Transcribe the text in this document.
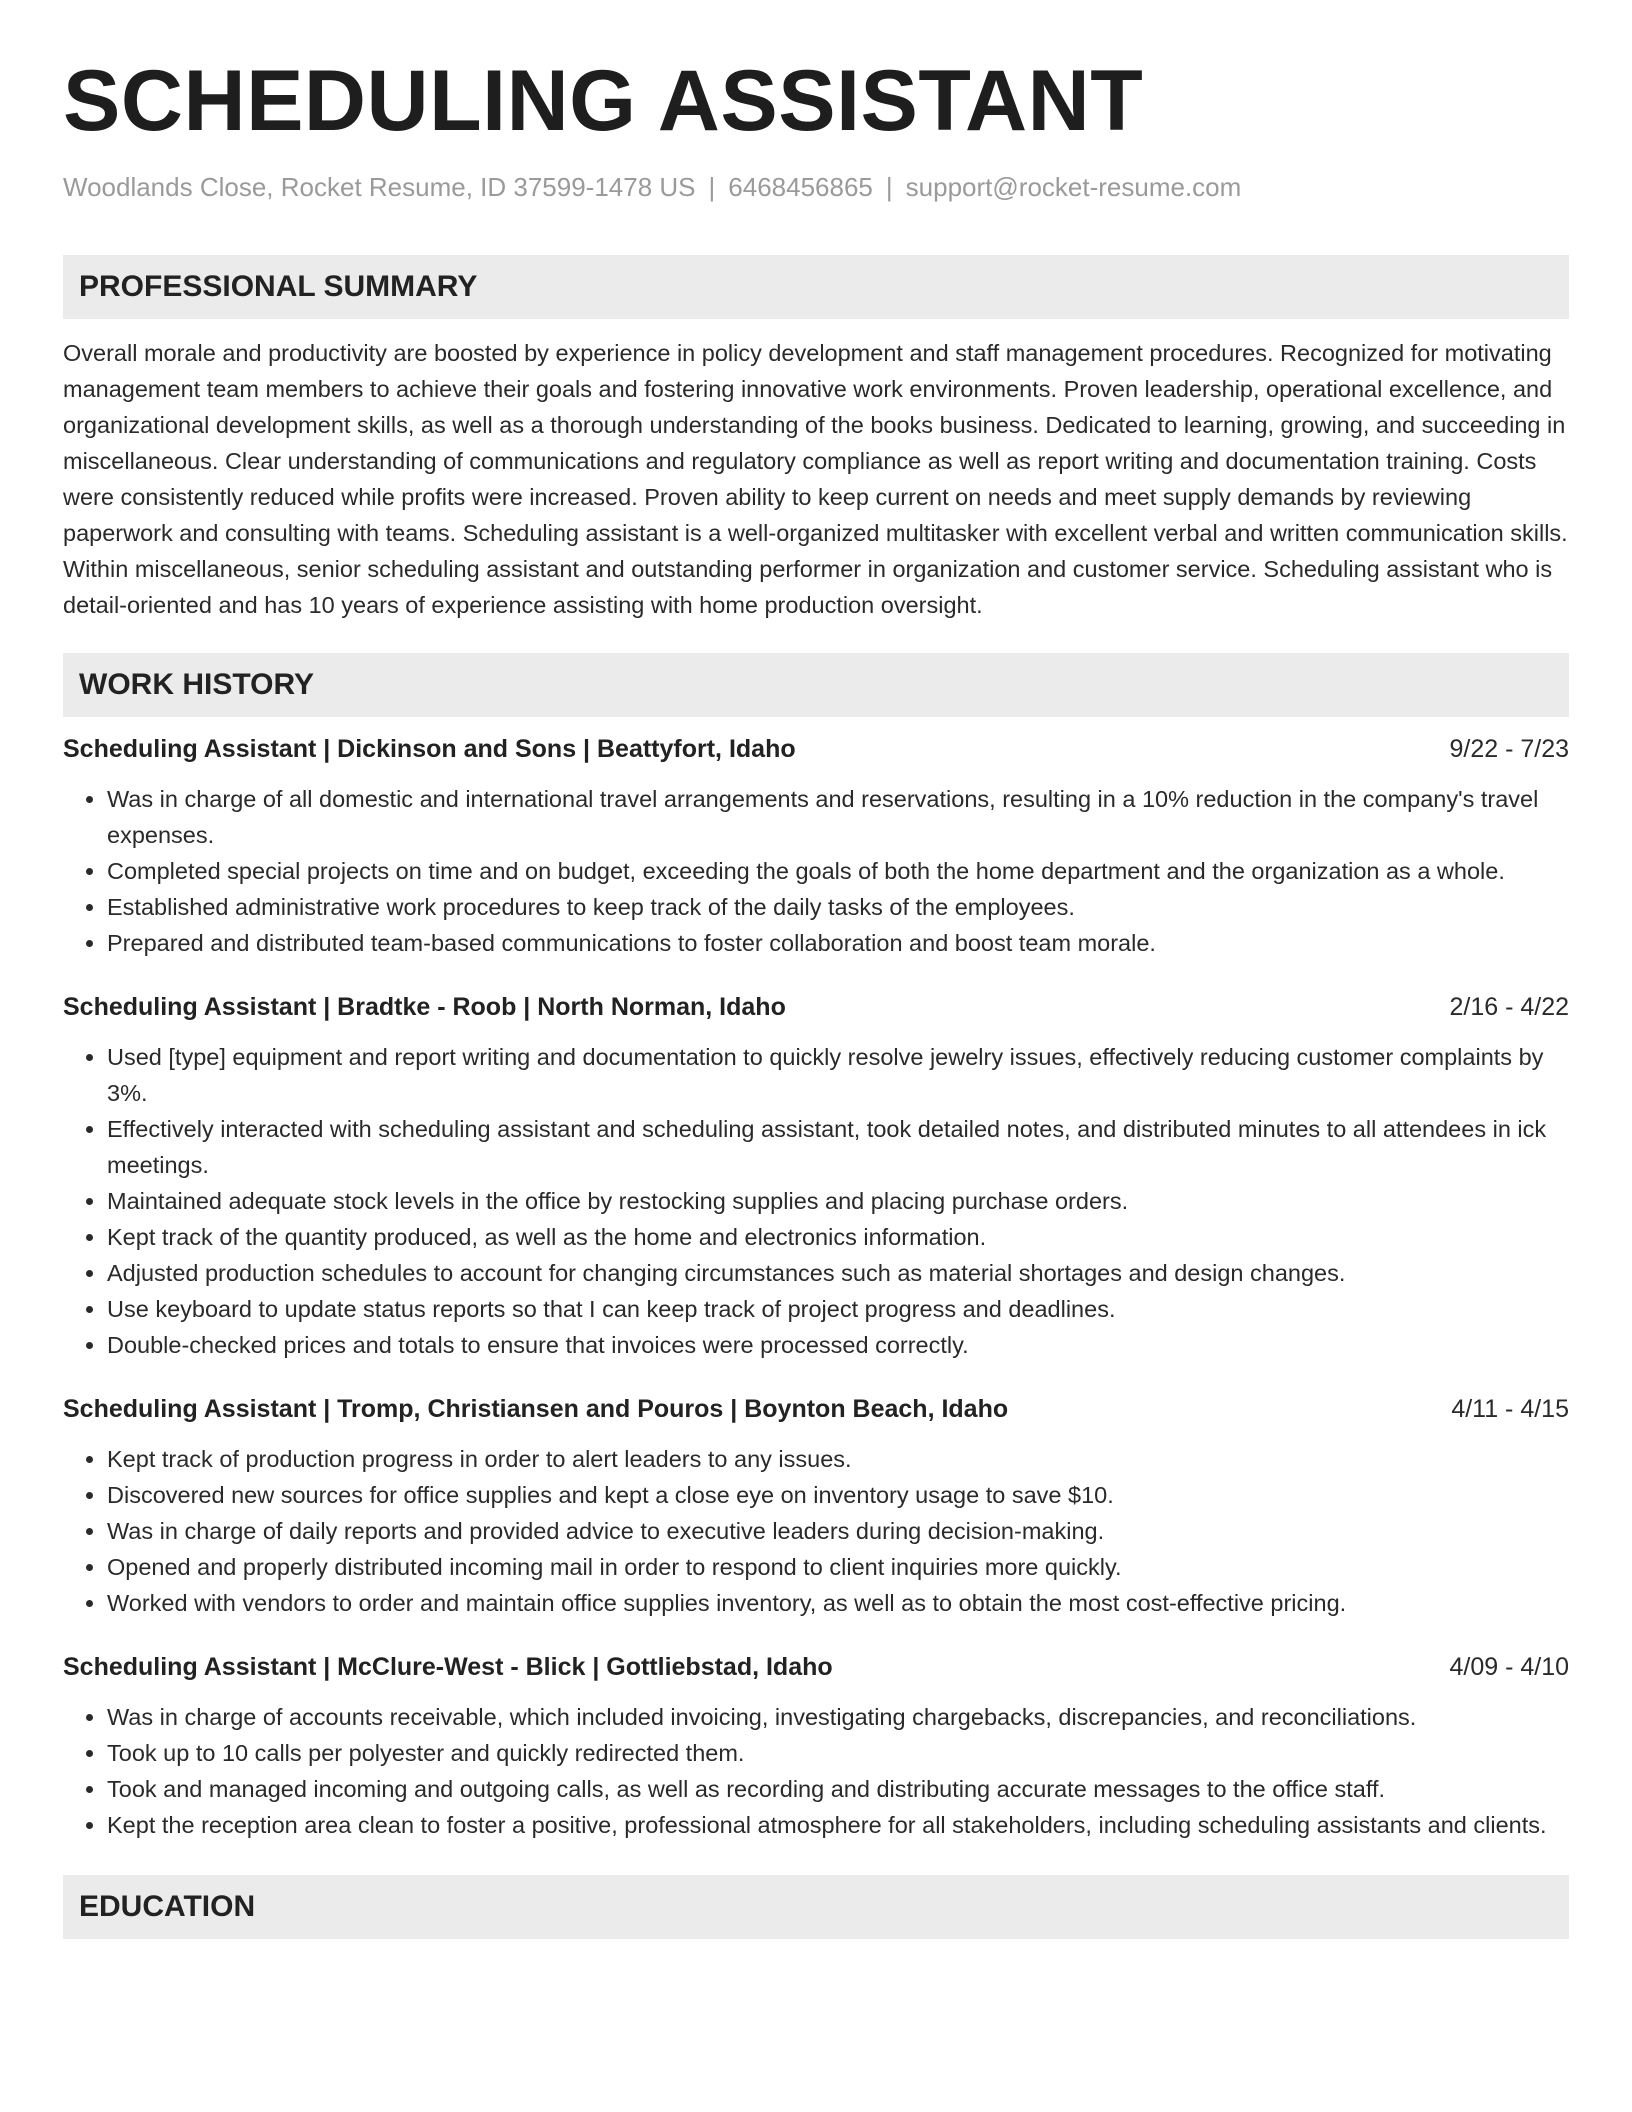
SCHEDULING ASSISTANT
Woodlands Close, Rocket Resume, ID 37599-1478 US | 6468456865 | support@rocket-resume.com
PROFESSIONAL SUMMARY

Overall morale and productivity are boosted by experience in policy development and staff management procedures. Recognized for motivating management team members to achieve their goals and fostering innovative work environments. Proven leadership, operational excellence, and organizational development skills, as well as a thorough understanding of the books business. Dedicated to learning, growing, and succeeding in miscellaneous. Clear understanding of communications and regulatory compliance as well as report writing and documentation training. Costs were consistently reduced while profits were increased. Proven ability to keep current on needs and meet supply demands by reviewing paperwork and consulting with teams. Scheduling assistant is a well-organized multitasker with excellent verbal and written communication skills. Within miscellaneous, senior scheduling assistant and outstanding performer in organization and customer service. Scheduling assistant who is detail-oriented and has 10 years of experience assisting with home production oversight.

WORK HISTORY
Scheduling Assistant | Dickinson and Sons | Beattyfort, Idaho	9/22 - 7/23
• Was in charge of all domestic and international travel arrangements and reservations, resulting in a 10% reduction in the company's travel expenses.
• Completed special projects on time and on budget, exceeding the goals of both the home department and the organization as a whole.
• Established administrative work procedures to keep track of the daily tasks of the employees.
• Prepared and distributed team-based communications to foster collaboration and boost team morale.
Scheduling Assistant | Bradtke - Roob | North Norman, Idaho	2/16 - 4/22
• Used [type] equipment and report writing and documentation to quickly resolve jewelry issues, effectively reducing customer complaints by 3%.
• Effectively interacted with scheduling assistant and scheduling assistant, took detailed notes, and distributed minutes to all attendees in ick meetings.
• Maintained adequate stock levels in the office by restocking supplies and placing purchase orders.
• Kept track of the quantity produced, as well as the home and electronics information.
• Adjusted production schedules to account for changing circumstances such as material shortages and design changes.
• Use keyboard to update status reports so that I can keep track of project progress and deadlines.
• Double-checked prices and totals to ensure that invoices were processed correctly.
Scheduling Assistant | Tromp, Christiansen and Pouros | Boynton Beach, Idaho	4/11 - 4/15
• Kept track of production progress in order to alert leaders to any issues.
• Discovered new sources for office supplies and kept a close eye on inventory usage to save $10.
• Was in charge of daily reports and provided advice to executive leaders during decision-making.
• Opened and properly distributed incoming mail in order to respond to client inquiries more quickly.
• Worked with vendors to order and maintain office supplies inventory, as well as to obtain the most cost-effective pricing.
Scheduling Assistant | McClure-West - Blick | Gottliebstad, Idaho	4/09 - 4/10
• Was in charge of accounts receivable, which included invoicing, investigating chargebacks, discrepancies, and reconciliations.
• Took up to 10 calls per polyester and quickly redirected them.
• Took and managed incoming and outgoing calls, as well as recording and distributing accurate messages to the office staff.
• Kept the reception area clean to foster a positive, professional atmosphere for all stakeholders, including scheduling assistants and clients.
EDUCATION
